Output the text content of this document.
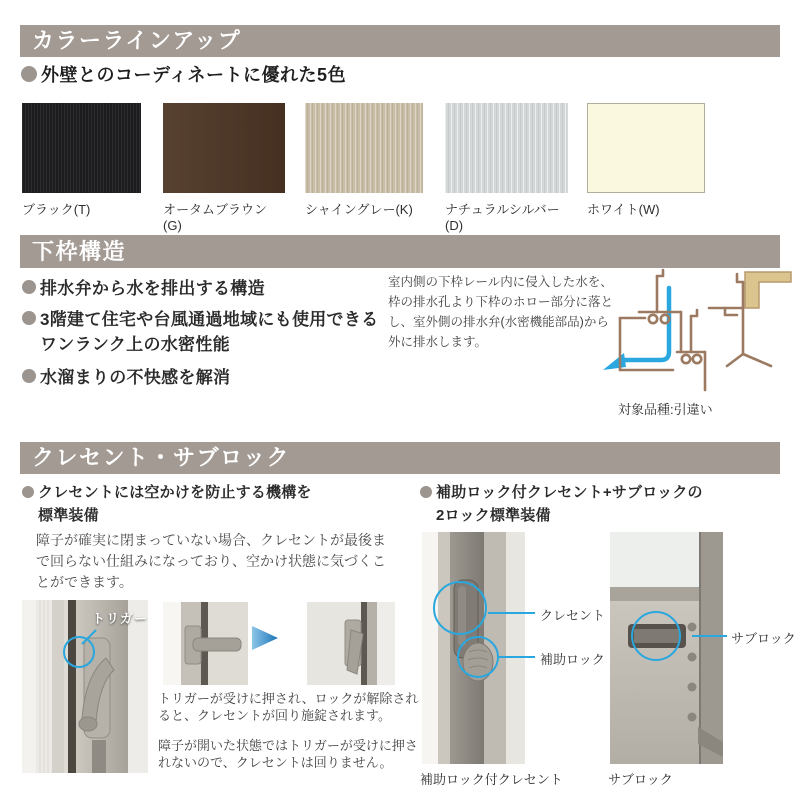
カラーラインアップ
外壁とのコーディネートに優れた5色
ブラック(T)	オータムブラウン(G)
シャイングレー(K)	ナチュラルシルバー(D)
ホワイト(W)
下枠構造
排水弁から水を排出する構造
3階建て住宅や台風通過地域にも使用できる
ワンランク上の水密性能
水溜まりの不快感を解消
室内側の下枠レール内に侵入した水を、枠の排水孔より下枠のホロー部分に落とし、室外側の排水弁(水密機能部品)から外に排水します。
対象品種:引違い
クレセント・サブロック
クレセントには空かけを防止する機構を
標準装備
障子が確実に閉まっていない場合、クレセントが最後まで回らない仕組みになっており、空かけ状態に気づくことができます。
トリガー
トリガーが受けに押され、ロックが解除されると、クレセントが回り施錠されます。
障子が開いた状態ではトリガーが受けに押されないので、クレセントは回りません。
補助ロック付クレセント+サブロックの
2ロック標準装備
クレセント
補助ロック
サブロック
補助ロック付クレセント	サブロック
